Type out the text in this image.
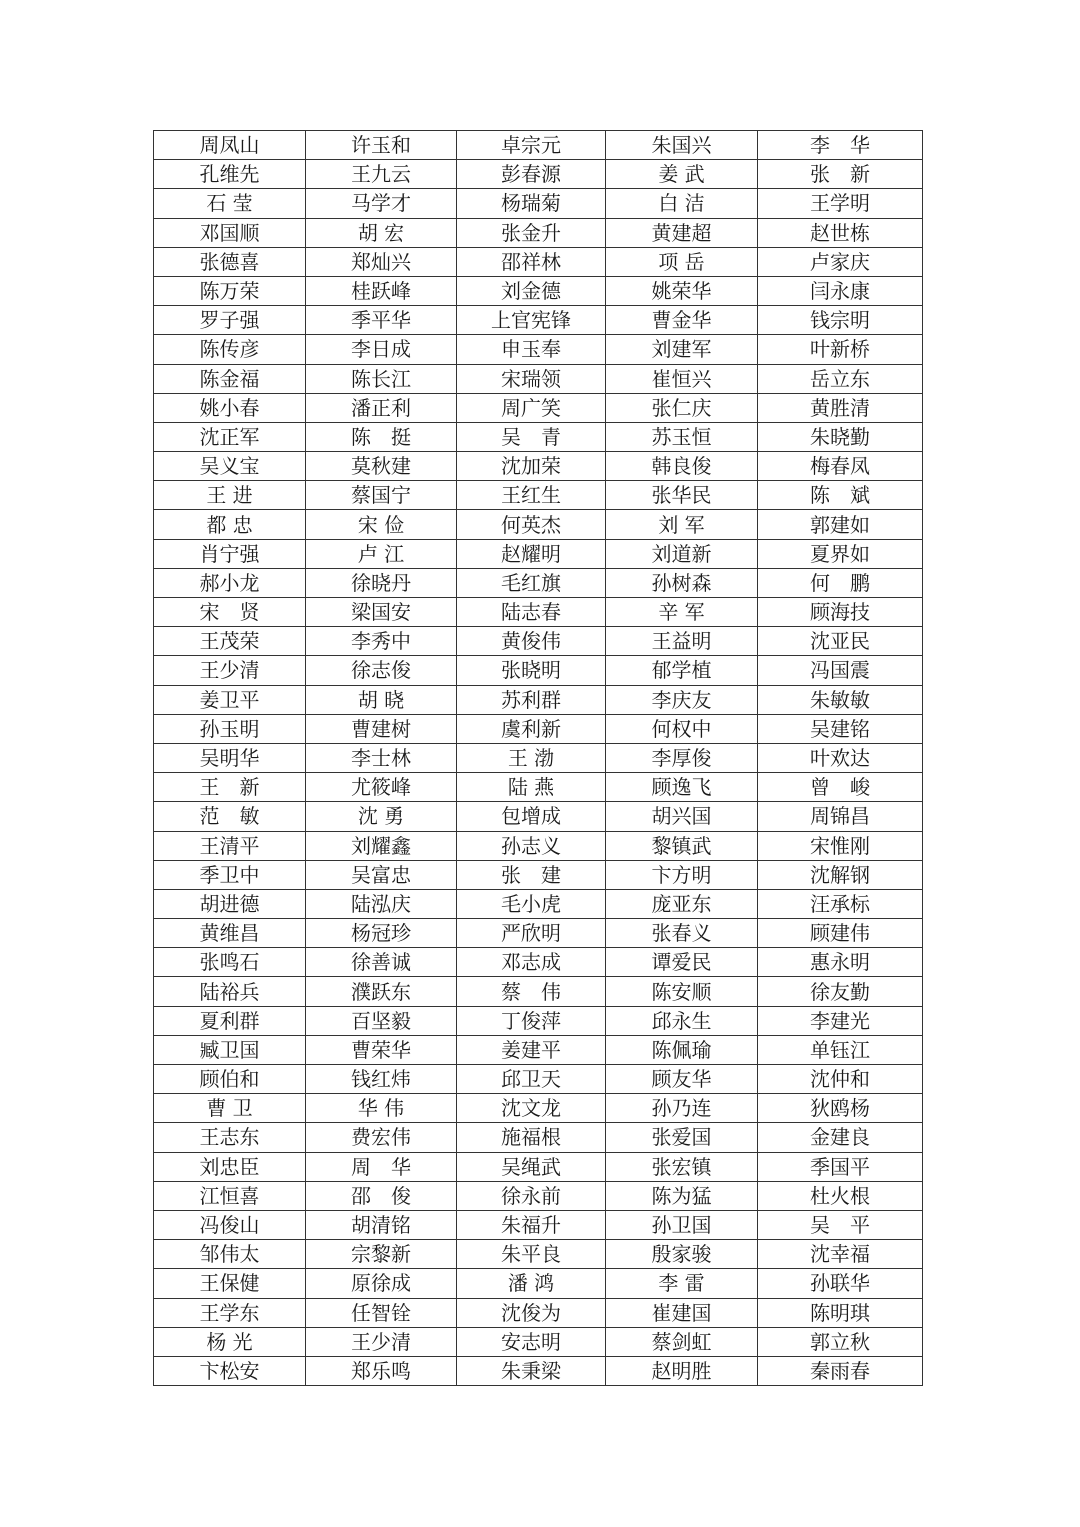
周凤山	许玉和	卓宗元	朱国兴	李　华
孔维先	王九云	彭春源	姜 武	张　新
石 莹	马学才	杨瑞菊	白 洁	王学明
邓国顺	胡 宏	张金升	黄建超	赵世栋
张德喜	郑灿兴	邵祥林	项 岳	卢家庆
陈万荣	桂跃峰	刘金德	姚荣华	闫永康
罗子强	季平华	上官宪锋	曹金华	钱宗明
陈传彦	李日成	申玉奉	刘建军	叶新桥
陈金福	陈长江	宋瑞领	崔恒兴	岳立东
姚小春	潘正利	周广笑	张仁庆	黄胜清
沈正军	陈　挺	吴　青	苏玉恒	朱晓勤
吴义宝	莫秋建	沈加荣	韩良俊	梅春凤
王 进	蔡国宁	王红生	张华民	陈　斌
都 忠	宋 俭	何英杰	刘 军	郭建如
肖宁强	卢 江	赵耀明	刘道新	夏界如
郝小龙	徐晓丹	毛红旗	孙树森	何　鹏
宋　贤	梁国安	陆志春	辛 军	顾海技
王茂荣	李秀中	黄俊伟	王益明	沈亚民
王少清	徐志俊	张晓明	郁学植	冯国震
姜卫平	胡 晓	苏利群	李庆友	朱敏敏
孙玉明	曹建树	虞利新	何权中	吴建铭
吴明华	李士林	王 渤	李厚俊	叶欢达
王　新	尤筱峰	陆 燕	顾逸飞	曾　峻
范　敏	沈 勇	包增成	胡兴国	周锦昌
王清平	刘耀鑫	孙志义	黎镇武	宋惟刚
季卫中	吴富忠	张　建	卞方明	沈解钢
胡进德	陆泓庆	毛小虎	庞亚东	汪承标
黄维昌	杨冠珍	严欣明	张春义	顾建伟
张鸣石	徐善诚	邓志成	谭爱民	惠永明
陆裕兵	濮跃东	蔡　伟	陈安顺	徐友勤
夏利群	百坚毅	丁俊萍	邱永生	李建光
臧卫国	曹荣华	姜建平	陈佩瑜	单钰江
顾伯和	钱红炜	邱卫天	顾友华	沈仲和
曹 卫	华 伟	沈文龙	孙乃连	狄鸥杨
王志东	费宏伟	施福根	张爱国	金建良
刘忠臣	周　华	吴绳武	张宏镇	季国平
江恒喜	邵　俊	徐永前	陈为猛	杜火根
冯俊山	胡清铭	朱福升	孙卫国	吴　平
邹伟太	宗黎新	朱平良	殷家骏	沈幸福
王保健	原徐成	潘 鸿	李 雷	孙联华
王学东	任智铨	沈俊为	崔建国	陈明琪
杨 光	王少清	安志明	蔡剑虹	郭立秋
卞松安	郑乐鸣	朱秉梁	赵明胜	秦雨春
